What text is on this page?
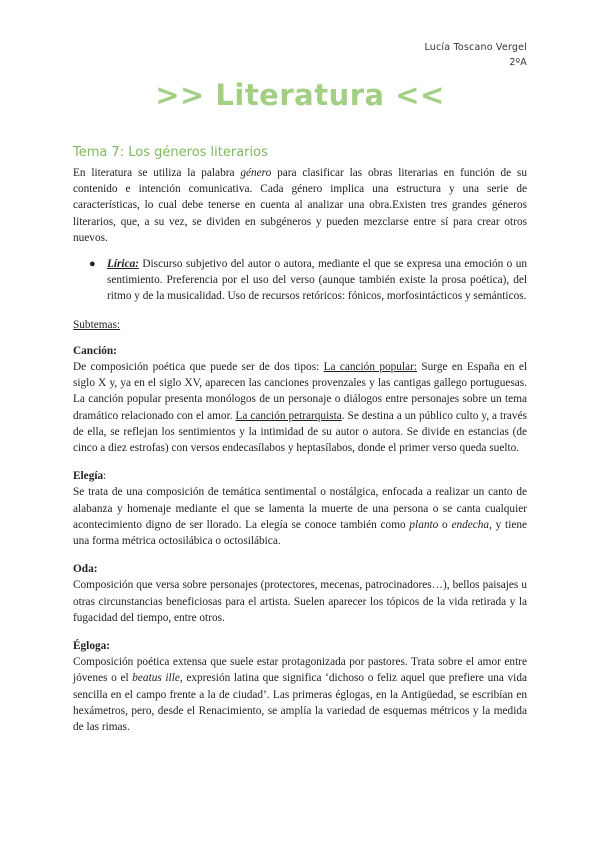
Lucía Toscano Vergel
2ºA
>> Literatura <<
Tema 7: Los géneros literarios

En literatura se utiliza la palabra género para clasificar las obras literarias en función de su contenido e intención comunicativa. Cada género implica una estructura y una serie de características, lo cual debe tenerse en cuenta al analizar una obra.Existen tres grandes géneros literarios, que, a su vez, se dividen en subgéneros y pueden mezclarse entre sí para crear otros nuevos.

● Lírica: Discurso subjetivo del autor o autora, mediante el que se expresa una emoción o un sentimiento. Preferencia por el uso del verso (aunque también existe la prosa poética), del ritmo y de la musicalidad. Uso de recursos retóricos: fónicos, morfosintácticos y semánticos.

Subtemas:

Canción:

De composición poética que puede ser de dos tipos: La canción popular: Surge en España en el siglo X y, ya en el siglo XV, aparecen las canciones provenzales y las cantigas gallego portuguesas. La canción popular presenta monólogos de un personaje o diálogos entre personajes sobre un tema dramático relacionado con el amor. La canción petrarquista. Se destina a un público culto y, a través de ella, se reflejan los sentimientos y la intimidad de su autor o autora. Se divide en estancias (de cinco a diez estrofas) con versos endecasílabos y heptasílabos, donde el primer verso queda suelto.

Elegía:

Se trata de una composición de temática sentimental o nostálgica, enfocada a realizar un canto de alabanza y homenaje mediante el que se lamenta la muerte de una persona o se canta cualquier acontecimiento digno de ser llorado. La elegía se conoce también como planto o endecha, y tiene una forma métrica octosilábica o octosilábica.

Oda:

Composición que versa sobre personajes (protectores, mecenas, patrocinadores…), bellos paisajes u otras circunstancias beneficiosas para el artista. Suelen aparecer los tópicos de la vida retirada y la fugacidad del tiempo, entre otros.

Égloga:

Composición poética extensa que suele estar protagonizada por pastores. Trata sobre el amor entre jóvenes o el beatus ille, expresión latina que significa ‘dichoso o feliz aquel que prefiere una vida sencilla en el campo frente a la de ciudad’. Las primeras églogas, en la Antigüedad, se escribían en hexámetros, pero, desde el Renacimiento, se amplía la variedad de esquemas métricos y la medida de las rimas.
